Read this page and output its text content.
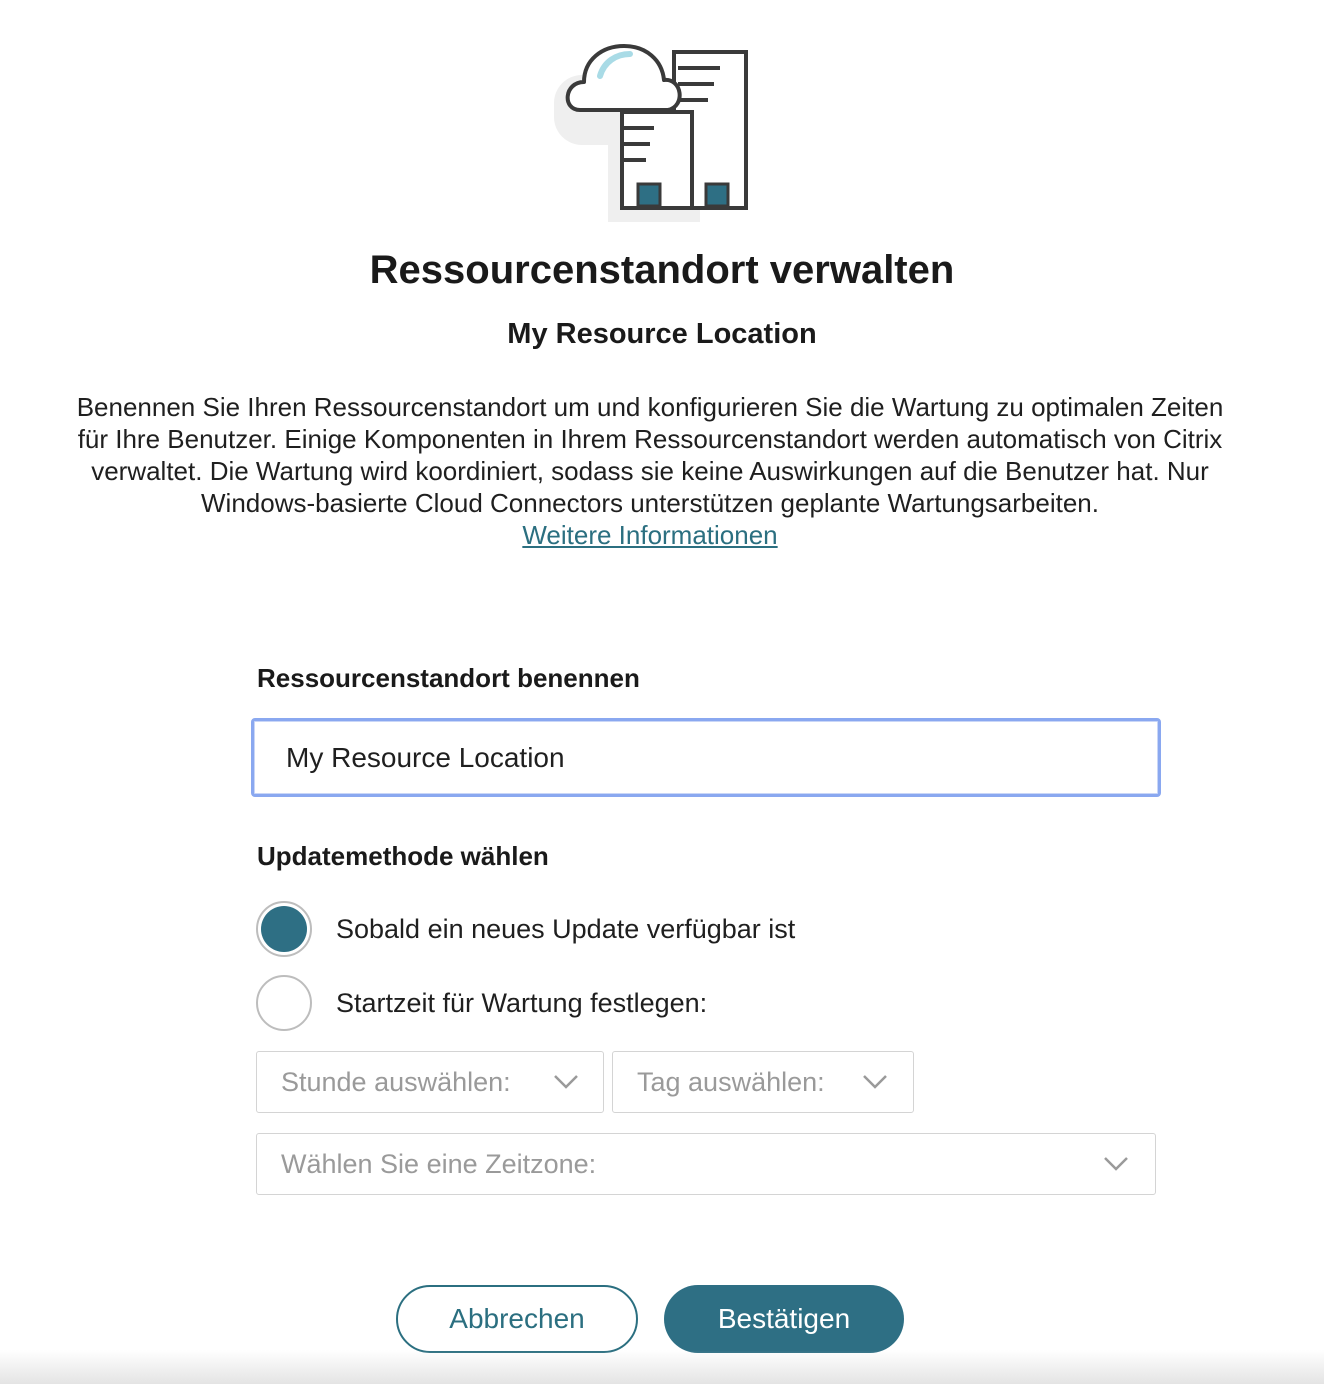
Ressourcenstandort verwalten
My Resource Location

Benennen Sie Ihren Ressourcenstandort um und konfigurieren Sie die Wartung zu optimalen Zeiten für Ihre Benutzer. Einige Komponenten in Ihrem Ressourcenstandort werden automatisch von Citrix verwaltet. Die Wartung wird koordiniert, sodass sie keine Auswirkungen auf die Benutzer hat. Nur Windows-basierte Cloud Connectors unterstützen geplante Wartungsarbeiten.
Weitere Informationen

Ressourcenstandort benennen
My Resource Location
Updatemethode wählen
Sobald ein neues Update verfügbar ist
Startzeit für Wartung festlegen:
Stunde auswählen:	Tag auswählen:
Wählen Sie eine Zeitzone:
Abbrechen	Bestätigen
